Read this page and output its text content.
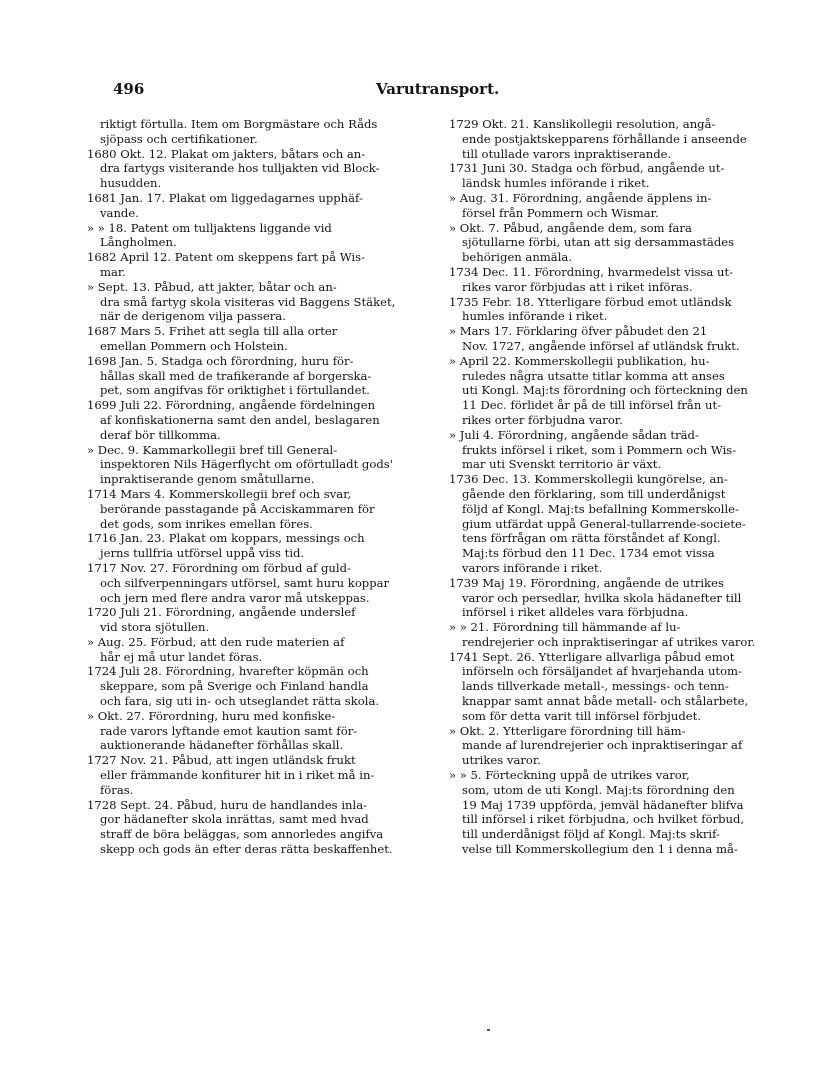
496	Varutransport.

riktigt förtulla. Item om Borgmästare och Råds
sjöpass och certifikationer.

1680 Okt. 12. Plakat om jakters, båtars och an-
dra fartygs visiterande hos tulljakten vid Block-
husudden.

1681 Jan. 17. Plakat om liggedagarnes upphäf-
vande.

» » 18. Patent om tulljaktens liggande vid
Långholmen.

1682 April 12. Patent om skeppens fart på Wis-
mar.

» Sept. 13. Påbud, att jakter, båtar och an-
dra små fartyg skola visiteras vid Baggens Stäket,
när de derigenom vilja passera.

1687 Mars 5. Frihet att segla till alla orter
emellan Pommern och Holstein.

1698 Jan. 5. Stadga och förordning, huru för-
hållas skall med de trafikerande af borgerska-
pet, som angifvas för oriktighet i förtullandet.

1699 Juli 22. Förordning, angående fördelningen
af konfiskationerna samt den andel, beslagaren
deraf bör tillkomma.

» Dec. 9. Kammarkollegii bref till General-
inspektoren Nils Hägerflycht om oförtulladt gods'
inpraktiserande genom småtullarne.

1714 Mars 4. Kommerskollegii bref och svar,
berörande passtagande på Acciskammaren för
det gods, som inrikes emellan föres.

1716 Jan. 23. Plakat om koppars, messings och
jerns tullfria utförsel uppå viss tid.

1717 Nov. 27. Förordning om förbud af guld-
och silfverpenningars utförsel, samt huru koppar
och jern med flere andra varor må utskeppas.

1720 Juli 21. Förordning, angående underslef
vid stora sjötullen.

» Aug. 25. Förbud, att den rude materien af
hår ej må utur landet föras.

1724 Juli 28. Förordning, hvarefter köpmän och
skeppare, som på Sverige och Finland handla
och fara, sig uti in- och utseglandet rätta skola.

» Okt. 27. Förordning, huru med konfiske-
rade varors lyftande emot kaution samt för-
auktionerande hädanefter förhållas skall.

1727 Nov. 21. Påbud, att ingen utländsk frukt
eller främmande konfiturer hit in i riket må in-
föras.

1728 Sept. 24. Påbud, huru de handlandes inla-
gor hädanefter skola inrättas, samt med hvad
straff de böra beläggas, som annorledes angifva
skepp och gods än efter deras rätta beskaffenhet.

1729 Okt. 21. Kanslikollegii resolution, angå-
ende postjaktskepparens förhållande i anseende
till otullade varors inpraktiserande.

1731 Juni 30. Stadga och förbud, angående ut-
ländsk humles införande i riket.

» Aug. 31. Förordning, angående äpplens in-
försel från Pommern och Wismar.

» Okt. 7. Påbud, angående dem, som fara
sjötullarne förbi, utan att sig dersammastädes
behörigen anmäla.

1734 Dec. 11. Förordning, hvarmedelst vissa ut-
rikes varor förbjudas att i riket införas.

1735 Febr. 18. Ytterligare förbud emot utländsk
humles införande i riket.

» Mars 17. Förklaring öfver påbudet den 21
Nov. 1727, angående införsel af utländsk frukt.

» April 22. Kommerskollegii publikation, hu-
ruledes några utsatte titlar komma att anses
uti Kongl. Maj:ts förordning och förteckning den
11 Dec. förlidet år på de till införsel från ut-
rikes orter förbjudna varor.

» Juli 4. Förordning, angående sådan träd-
frukts införsel i riket, som i Pommern och Wis-
mar uti Svenskt territorio är växt.

1736 Dec. 13. Kommerskollegii kungörelse, an-
gående den förklaring, som till underdånigst
följd af Kongl. Maj:ts befallning Kommerskolle-
gium utfärdat uppå General-tullarrende-societe-
tens förfrågan om rätta förståndet af Kongl.
Maj:ts förbud den 11 Dec. 1734 emot vissa
varors införande i riket.

1739 Maj 19. Förordning, angående de utrikes
varor och persedlar, hvilka skola hädanefter till
införsel i riket alldeles vara förbjudna.

» » 21. Förordning till hämmande af lu-
rendrejerier och inpraktiseringar af utrikes varor.

1741 Sept. 26. Ytterligare allvarliga påbud emot
införseln och försäljandet af hvarjehanda utom-
lands tillverkade metall-, messings- och tenn-
knappar samt annat både metall- och stålarbete,
som för detta varit till införsel förbjudet.

» Okt. 2. Ytterligare förordning till häm-
mande af lurendrejerier och inpraktiseringar af
utrikes varor.

» » 5. Förteckning uppå de utrikes varor,
som, utom de uti Kongl. Maj:ts förordning den
19 Maj 1739 uppförda, jemväl hädanefter blifva
till införsel i riket förbjudna, och hvilket förbud,
till underdånigst följd af Kongl. Maj:ts skrif-
velse till Kommerskollegium den 1 i denna må-
